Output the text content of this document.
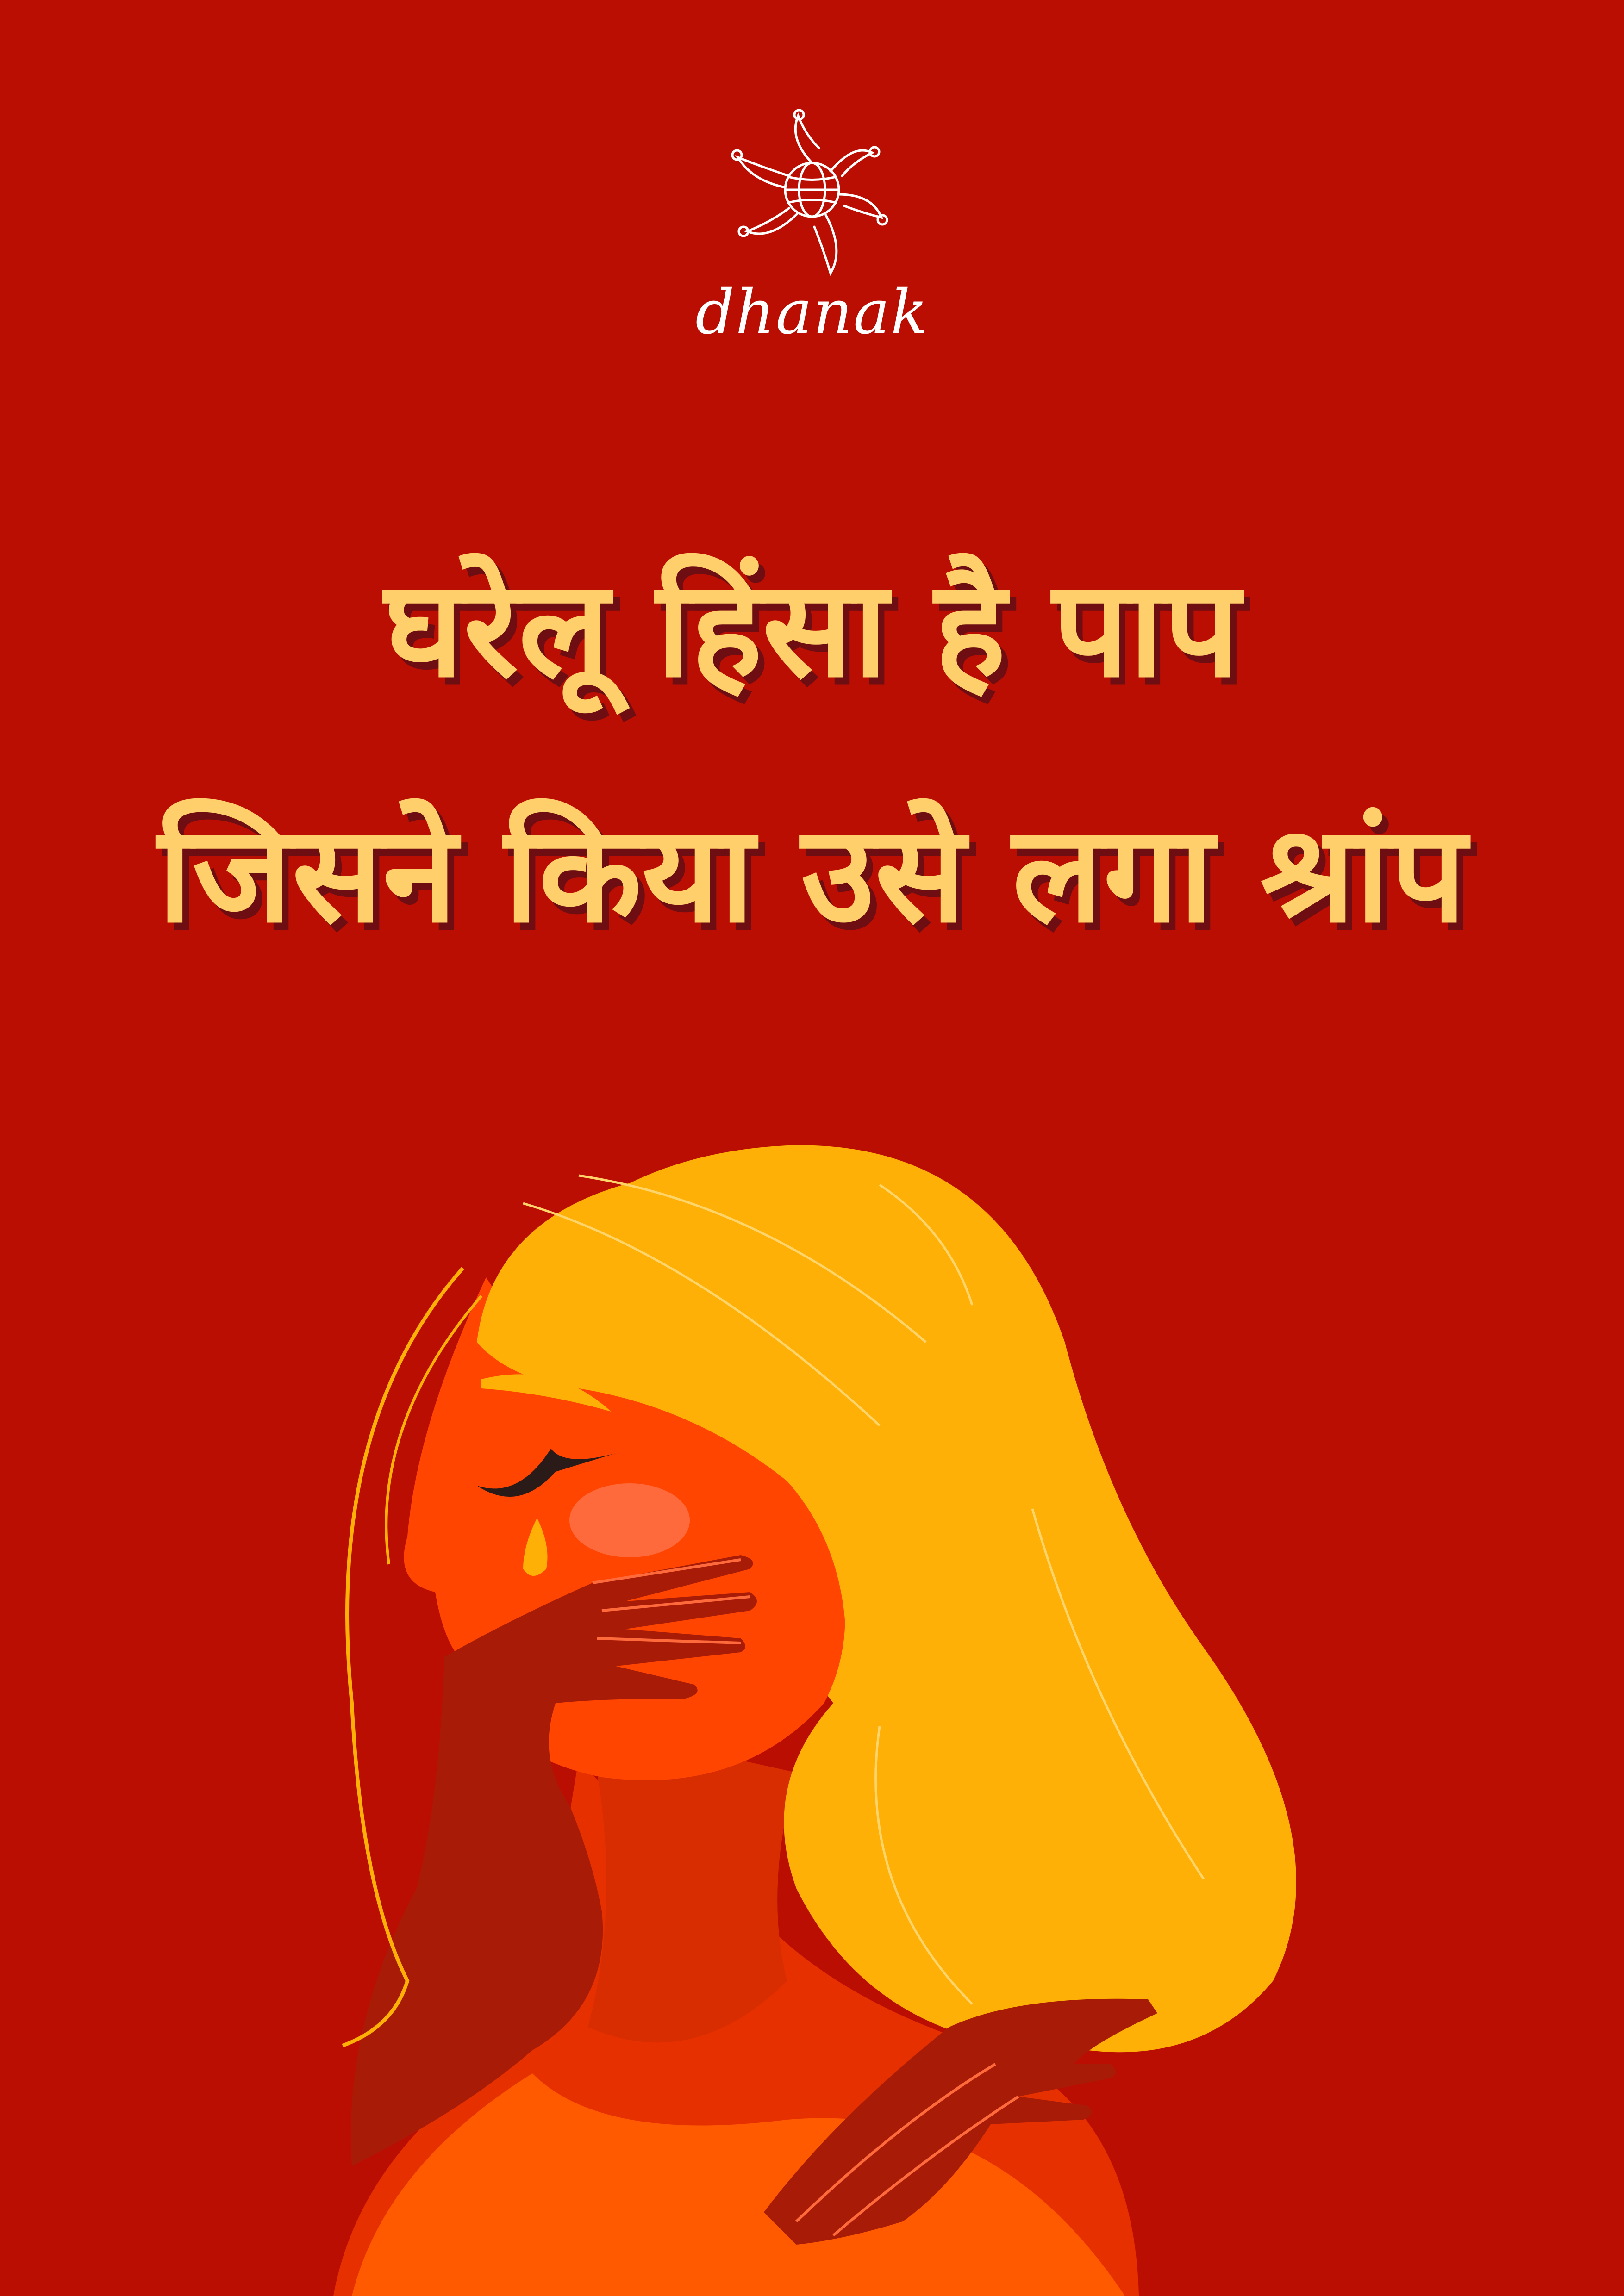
dhanak
घरेलू हिंसा है पाप
जिसने किया उसे लगा श्रांप
